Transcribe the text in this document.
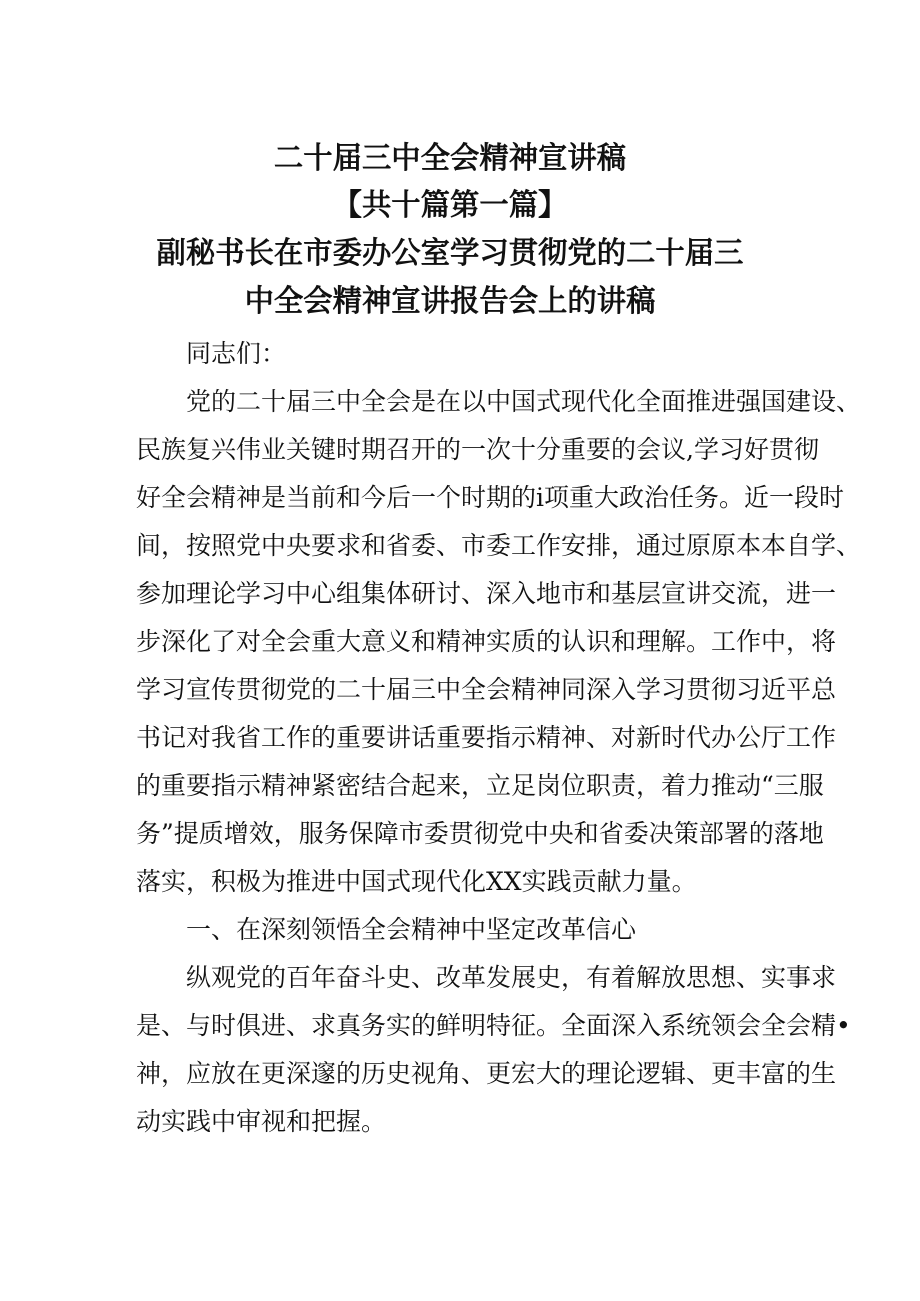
二十届三中全会精神宣讲稿
【共十篇第一篇】
副秘书长在市委办公室学习贯彻党的二十届三
中全会精神宣讲报告会上的讲稿
同志们：
党的二十届三中全会是在以中国式现代化全面推进强国建设、
民族复兴伟业关键时期召开的一次十分重要的会议,学习好贯彻
好全会精神是当前和今后一个时期的i项重大政治任务。近一段时
间，按照党中央要求和省委、市委工作安排，通过原原本本自学、
参加理论学习中心组集体研讨、深入地市和基层宣讲交流，进一
步深化了对全会重大意义和精神实质的认识和理解。工作中，将
学习宣传贯彻党的二十届三中全会精神同深入学习贯彻习近平总
书记对我省工作的重要讲话重要指示精神、对新时代办公厅工作
的重要指示精神紧密结合起来，立足岗位职责，着力推动“三服
务”提质增效，服务保障市委贯彻党中央和省委决策部署的落地
落实，积极为推进中国式现代化XX实践贡献力量。
一、在深刻领悟全会精神中坚定改革信心
纵观党的百年奋斗史、改革发展史，有着解放思想、实事求
是、与时俱进、求真务实的鲜明特征。全面深入系统领会全会精•
神，应放在更深邃的历史视角、更宏大的理论逻辑、更丰富的生
动实践中审视和把握。
